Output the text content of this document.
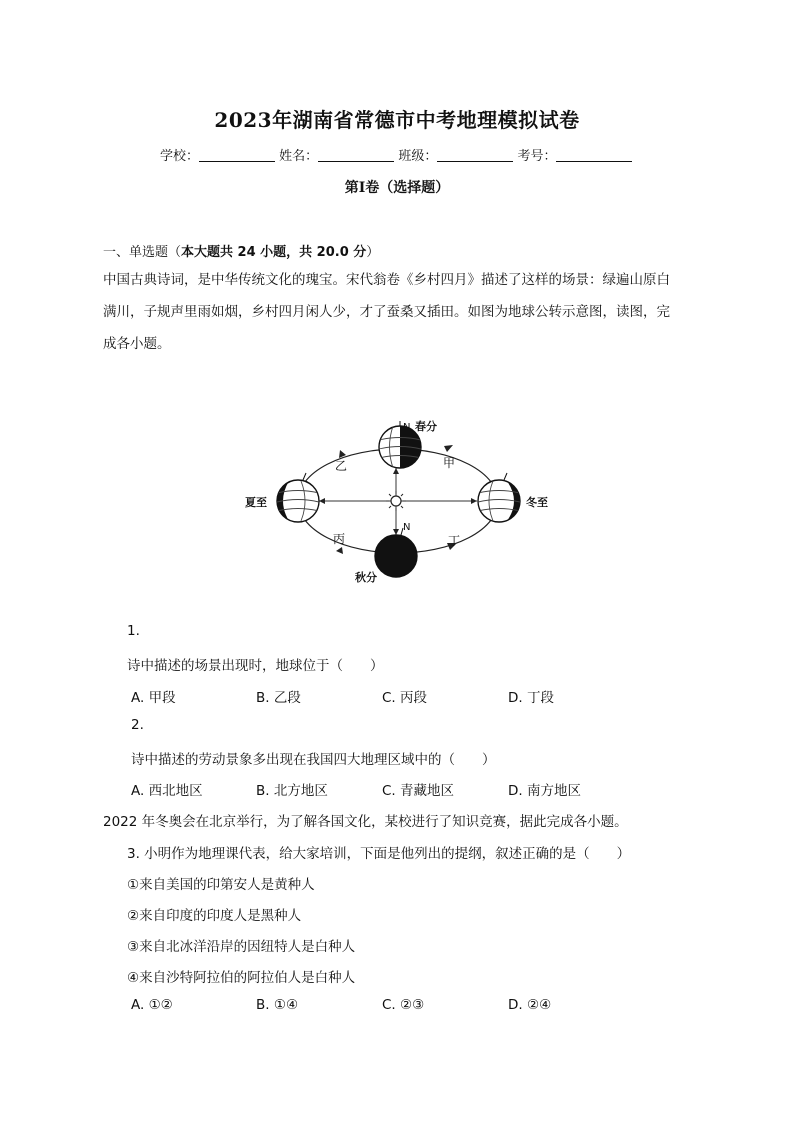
2023年湖南省常德市中考地理模拟试卷
学校：	姓名：	班级：	考号：
第I卷（选择题）
一、单选题（本大题共 24 小题，共 20.0 分）
中国古典诗词，是中华传统文化的瑰宝。宋代翁卷《乡村四月》描述了这样的场景：绿遍山原白
满川，子规声里雨如烟，乡村四月闲人少，才了蚕桑又插田。如图为地球公转示意图，读图，完
成各小题。
N 春分
夏至	冬至
秋分
甲
乙
丙	丁
N
1.
诗中描述的场景出现时，地球位于（　　）
A. 甲段	B. 乙段	C. 丙段	D. 丁段
2.
诗中描述的劳动景象多出现在我国四大地理区域中的（　　）
A. 西北地区	B. 北方地区	C. 青藏地区	D. 南方地区
2022 年冬奥会在北京举行，为了解各国文化，某校进行了知识竞赛，据此完成各小题。
3. 小明作为地理课代表，给大家培训，下面是他列出的提纲，叙述正确的是（　　）
①来自美国的印第安人是黄种人
②来自印度的印度人是黑种人
③来自北冰洋沿岸的因纽特人是白种人
④来自沙特阿拉伯的阿拉伯人是白种人
A. ①②	B. ①④	C. ②③	D. ②④
